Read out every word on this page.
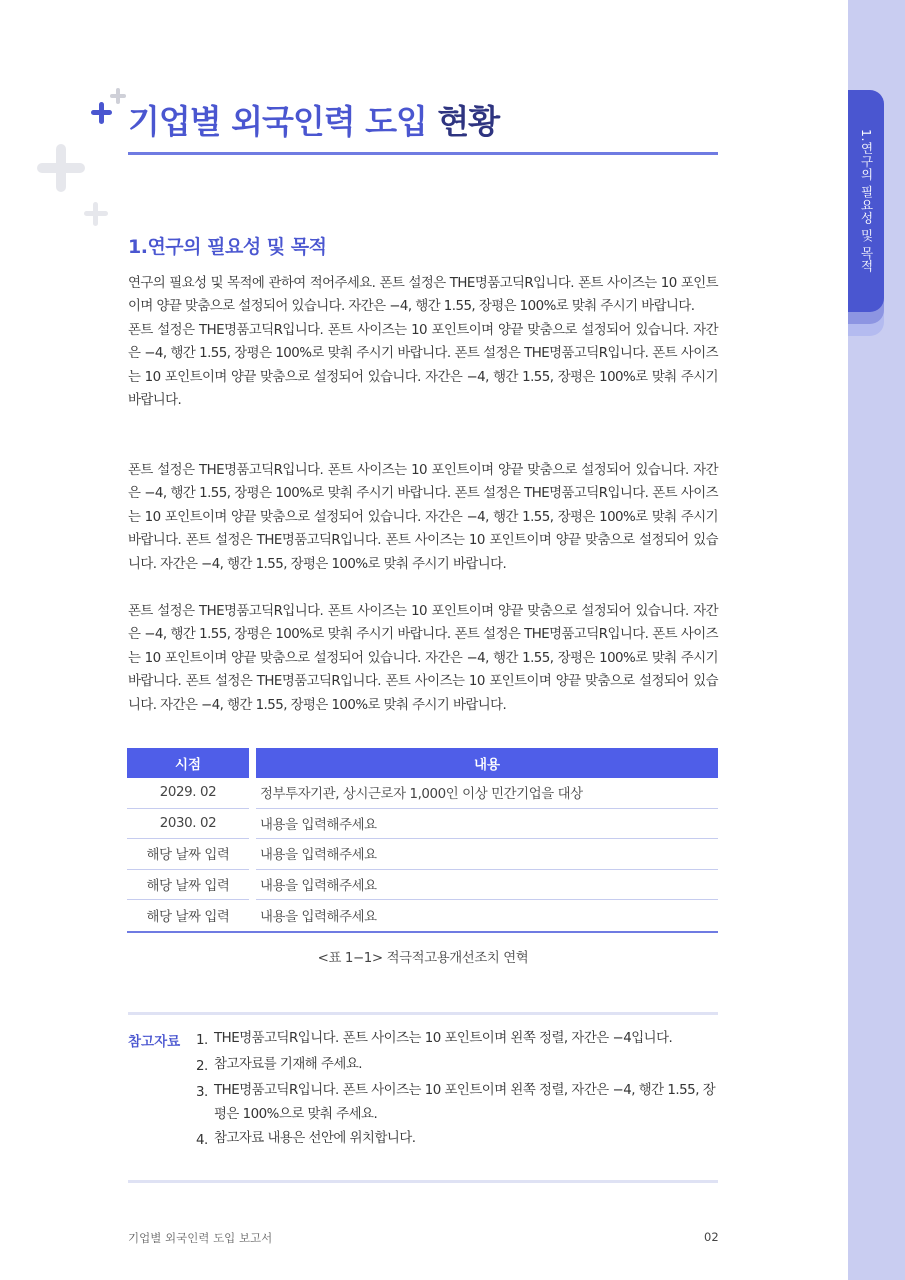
1.연구의 필요성 및 목적
기업별 외국인력 도입 현황
1.연구의 필요성 및 목적

연구의 필요성 및 목적에 관하여 적어주세요. 폰트 설정은 THE명품고딕R입니다. 폰트 사이즈는 10 포인트이며 양끝 맞춤으로 설정되어 있습니다. 자간은 −4, 행간 1.55, 장평은 100%로 맞춰 주시기 바랍니다.
폰트 설정은 THE명품고딕R입니다. 폰트 사이즈는 10 포인트이며 양끝 맞춤으로 설정되어 있습니다. 자간은 −4, 행간 1.55, 장평은 100%로 맞춰 주시기 바랍니다. 폰트 설정은 THE명품고딕R입니다. 폰트 사이즈는 10 포인트이며 양끝 맞춤으로 설정되어 있습니다. 자간은 −4, 행간 1.55, 장평은 100%로 맞춰 주시기 바랍니다.

폰트 설정은 THE명품고딕R입니다. 폰트 사이즈는 10 포인트이며 양끝 맞춤으로 설정되어 있습니다. 자간은 −4, 행간 1.55, 장평은 100%로 맞춰 주시기 바랍니다. 폰트 설정은 THE명품고딕R입니다. 폰트 사이즈는 10 포인트이며 양끝 맞춤으로 설정되어 있습니다. 자간은 −4, 행간 1.55, 장평은 100%로 맞춰 주시기 바랍니다. 폰트 설정은 THE명품고딕R입니다. 폰트 사이즈는 10 포인트이며 양끝 맞춤으로 설정되어 있습니다. 자간은 −4, 행간 1.55, 장평은 100%로 맞춰 주시기 바랍니다.

폰트 설정은 THE명품고딕R입니다. 폰트 사이즈는 10 포인트이며 양끝 맞춤으로 설정되어 있습니다. 자간은 −4, 행간 1.55, 장평은 100%로 맞춰 주시기 바랍니다. 폰트 설정은 THE명품고딕R입니다. 폰트 사이즈는 10 포인트이며 양끝 맞춤으로 설정되어 있습니다. 자간은 −4, 행간 1.55, 장평은 100%로 맞춰 주시기 바랍니다. 폰트 설정은 THE명품고딕R입니다. 폰트 사이즈는 10 포인트이며 양끝 맞춤으로 설정되어 있습니다. 자간은 −4, 행간 1.55, 장평은 100%로 맞춰 주시기 바랍니다.

시점	내용
2029. 02	정부투자기관, 상시근로자 1,000인 이상 민간기업을 대상
2030. 02	내용을 입력해주세요
해당 날짜 입력	내용을 입력해주세요
해당 날짜 입력	내용을 입력해주세요
해당 날짜 입력	내용을 입력해주세요

<표 1−1> 적극적고용개선조치 연혁

참고자료 1. THE명품고딕R입니다. 폰트 사이즈는 10 포인트이며 왼쪽 정렬, 자간은 −4입니다.
2. 참고자료를 기재해 주세요.
3. THE명품고딕R입니다. 폰트 사이즈는 10 포인트이며 왼쪽 정렬, 자간은 −4, 행간 1.55, 장평은 100%으로 맞춰 주세요.
4. 참고자료 내용은 선안에 위치합니다.
기업별 외국인력 도입 보고서	02
